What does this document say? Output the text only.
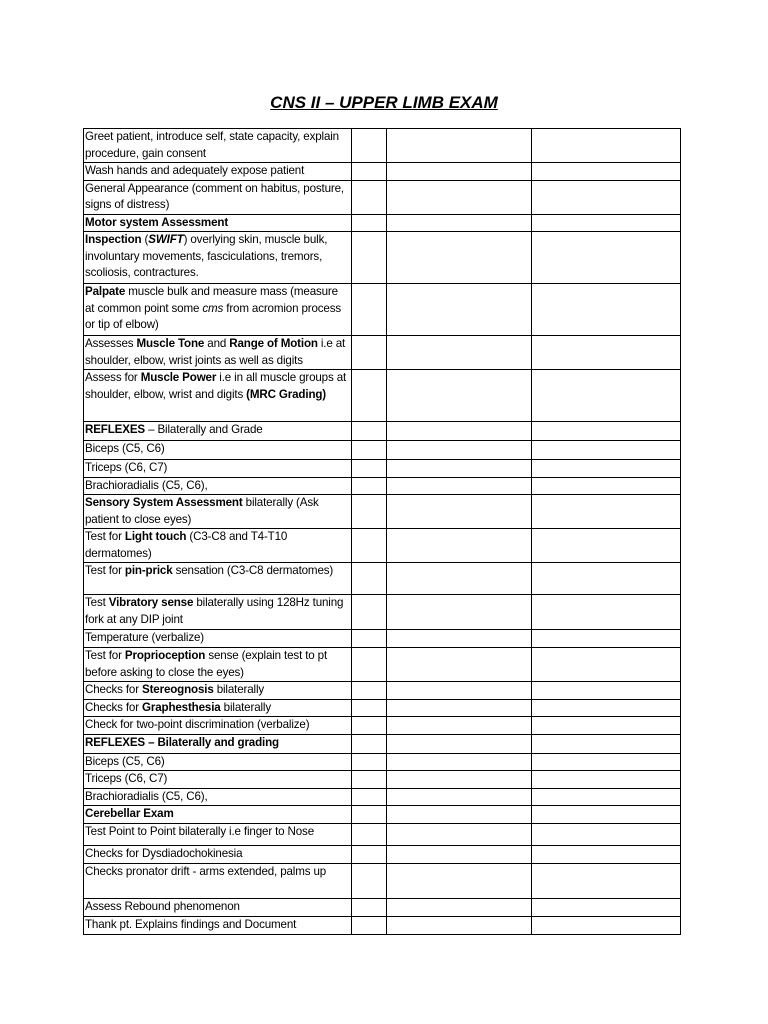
CNS II – UPPER LIMB EXAM
Greet patient, introduce self, state capacity, explain procedure, gain consent			
Wash hands and adequately expose patient			
General Appearance (comment on habitus, posture, signs of distress)			
Motor system Assessment			
Inspection (SWIFT) overlying skin, muscle bulk, involuntary movements, fasciculations, tremors, scoliosis, contractures.			
Palpate muscle bulk and measure mass (measure at common point some cms from acromion process or tip of elbow)			
Assesses Muscle Tone and Range of Motion i.e at shoulder, elbow, wrist joints as well as digits			
Assess for Muscle Power i.e in all muscle groups at shoulder, elbow, wrist and digits (MRC Grading)			
REFLEXES – Bilaterally and Grade			
Biceps (C5, C6)			
Triceps (C6, C7)			
Brachioradialis (C5, C6),			
Sensory System Assessment bilaterally (Ask patient to close eyes)			
Test for Light touch (C3-C8 and T4-T10 dermatomes)			
Test for pin-prick sensation (C3-C8 dermatomes)			
Test Vibratory sense bilaterally using 128Hz tuning fork at any DIP joint			
Temperature (verbalize)			
Test for Proprioception sense (explain test to pt before asking to close the eyes)			
Checks for Stereognosis bilaterally			
Checks for Graphesthesia bilaterally			
Check for two-point discrimination (verbalize)			
REFLEXES – Bilaterally and grading			
Biceps (C5, C6)			
Triceps (C6, C7)			
Brachioradialis (C5, C6),			
Cerebellar Exam			
Test Point to Point bilaterally i.e finger to Nose			
Checks for Dysdiadochokinesia			
Checks pronator drift - arms extended, palms up			
Assess Rebound phenomenon			
Thank pt. Explains findings and Document			
